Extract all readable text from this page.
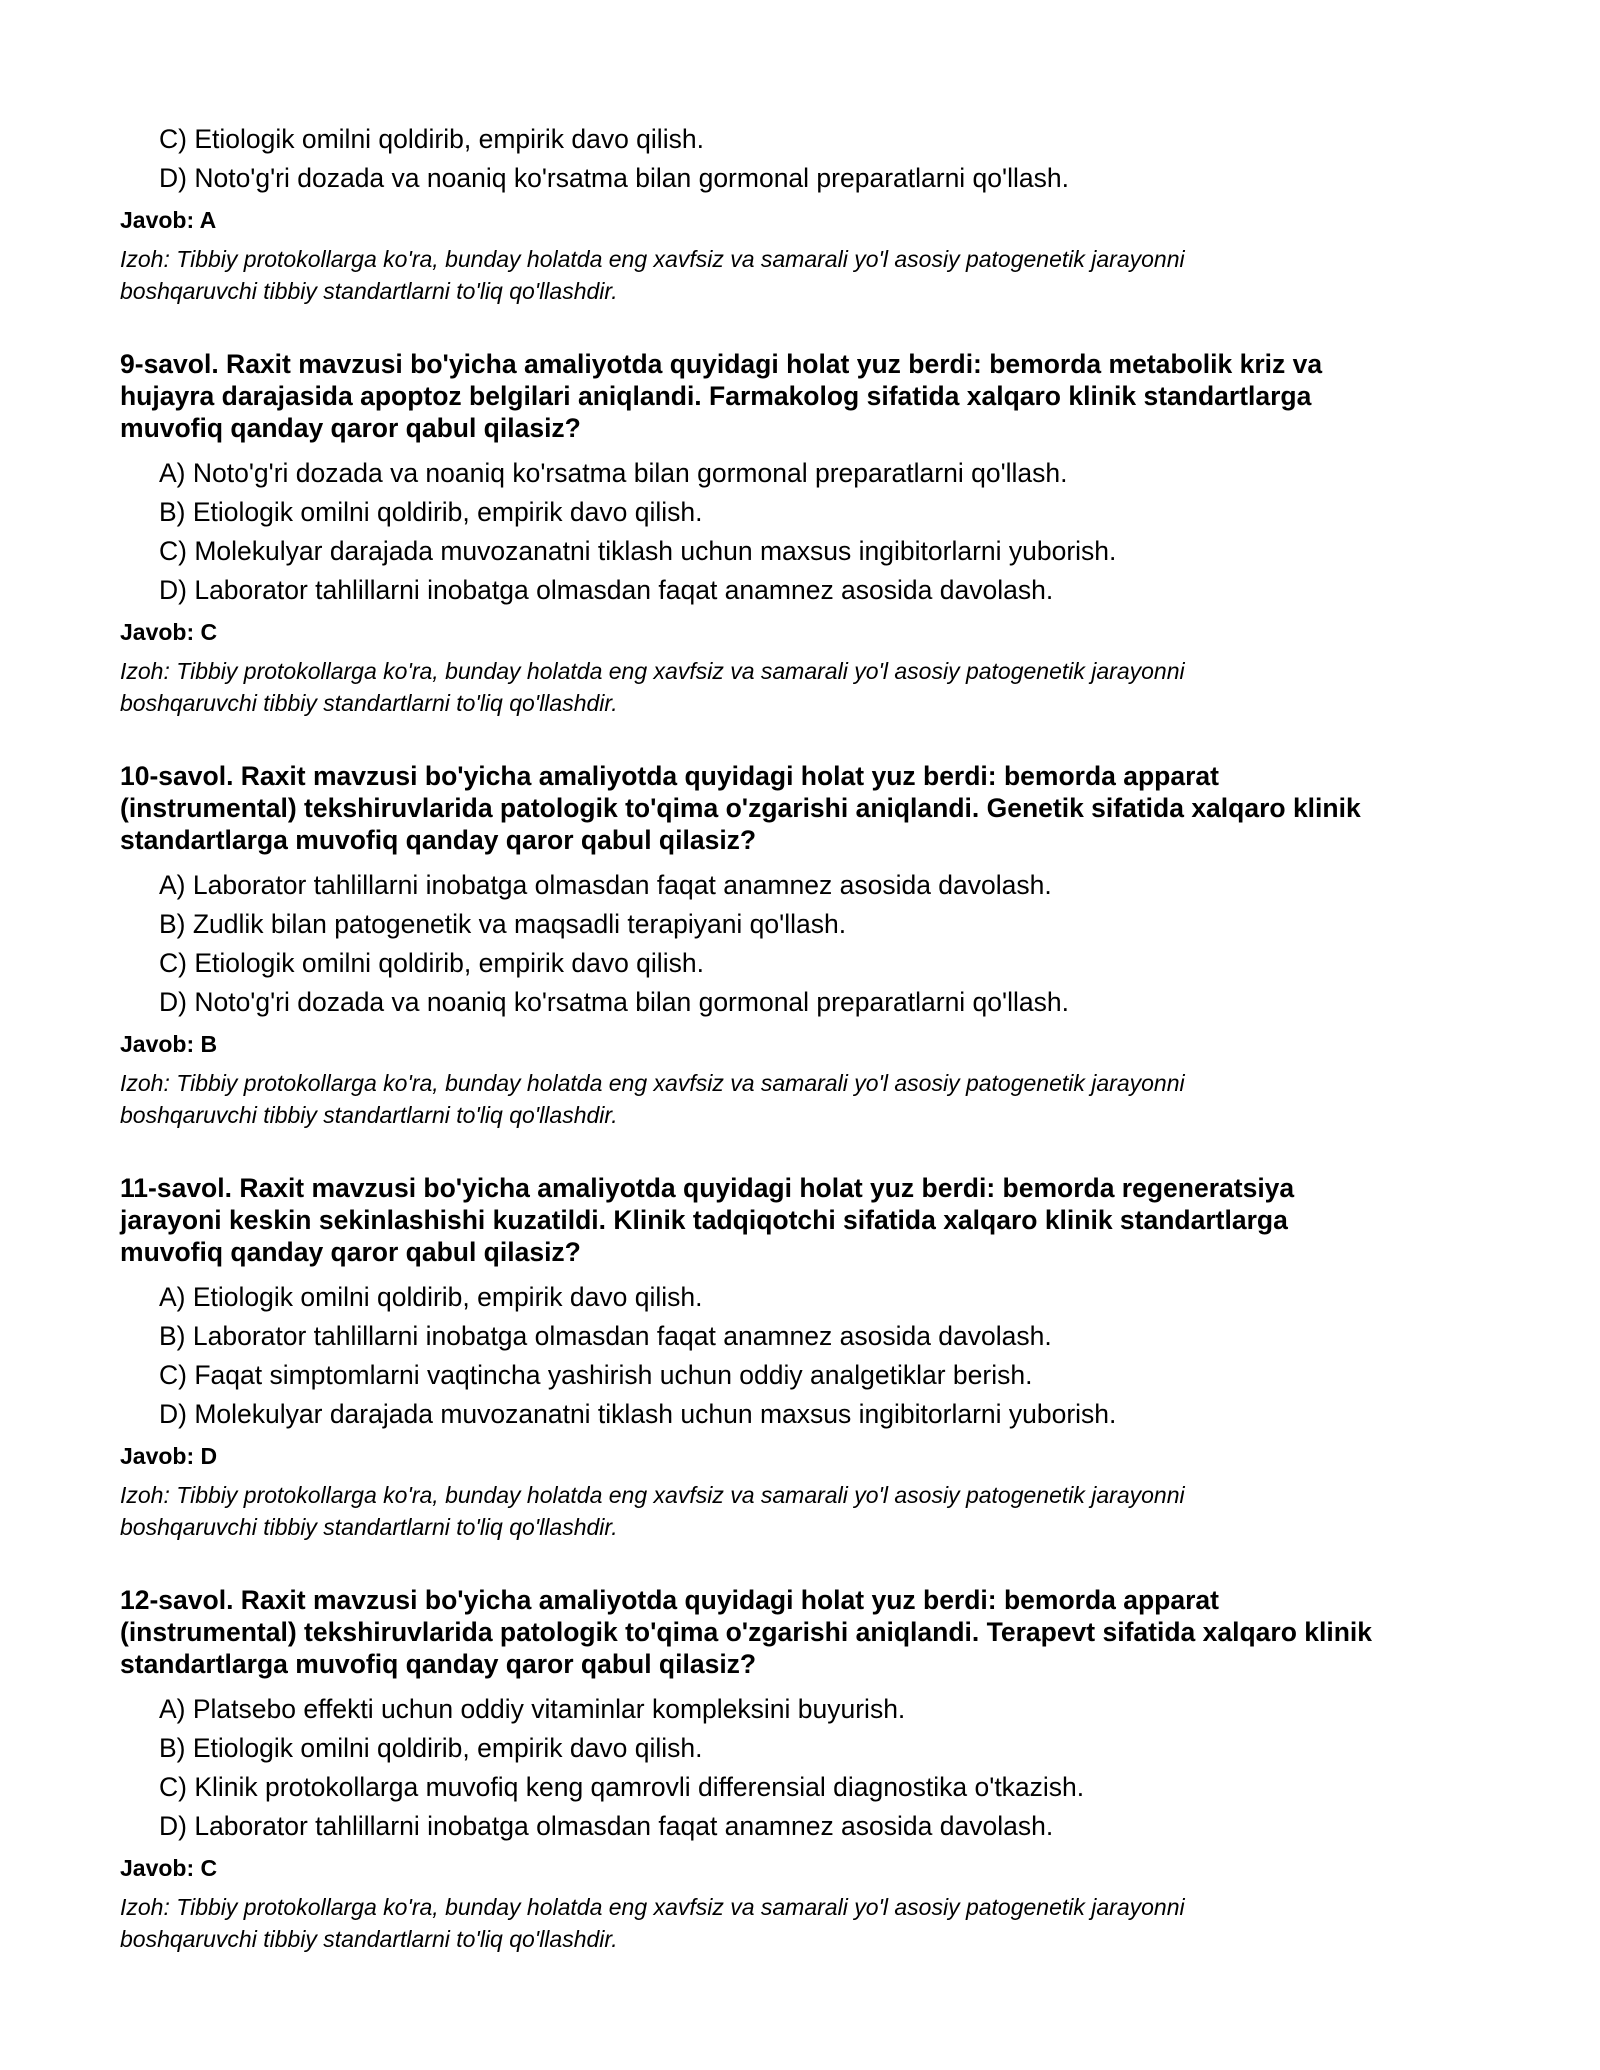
C) Etiologik omilni qoldirib, empirik davo qilish.
D) Noto'g'ri dozada va noaniq ko'rsatma bilan gormonal preparatlarni qo'llash.
Javob: A
Izoh: Tibbiy protokollarga ko'ra, bunday holatda eng xavfsiz va samarali yo'l asosiy patogenetik jarayonni
boshqaruvchi tibbiy standartlarni to'liq qo'llashdir.
9-savol. Raxit mavzusi bo'yicha amaliyotda quyidagi holat yuz berdi: bemorda metabolik kriz va
hujayra darajasida apoptoz belgilari aniqlandi. Farmakolog sifatida xalqaro klinik standartlarga
muvofiq qanday qaror qabul qilasiz?
A) Noto'g'ri dozada va noaniq ko'rsatma bilan gormonal preparatlarni qo'llash.
B) Etiologik omilni qoldirib, empirik davo qilish.
C) Molekulyar darajada muvozanatni tiklash uchun maxsus ingibitorlarni yuborish.
D) Laborator tahlillarni inobatga olmasdan faqat anamnez asosida davolash.
Javob: C
Izoh: Tibbiy protokollarga ko'ra, bunday holatda eng xavfsiz va samarali yo'l asosiy patogenetik jarayonni
boshqaruvchi tibbiy standartlarni to'liq qo'llashdir.
10-savol. Raxit mavzusi bo'yicha amaliyotda quyidagi holat yuz berdi: bemorda apparat
(instrumental) tekshiruvlarida patologik to'qima o'zgarishi aniqlandi. Genetik sifatida xalqaro klinik
standartlarga muvofiq qanday qaror qabul qilasiz?
A) Laborator tahlillarni inobatga olmasdan faqat anamnez asosida davolash.
B) Zudlik bilan patogenetik va maqsadli terapiyani qo'llash.
C) Etiologik omilni qoldirib, empirik davo qilish.
D) Noto'g'ri dozada va noaniq ko'rsatma bilan gormonal preparatlarni qo'llash.
Javob: B
Izoh: Tibbiy protokollarga ko'ra, bunday holatda eng xavfsiz va samarali yo'l asosiy patogenetik jarayonni
boshqaruvchi tibbiy standartlarni to'liq qo'llashdir.
11-savol. Raxit mavzusi bo'yicha amaliyotda quyidagi holat yuz berdi: bemorda regeneratsiya
jarayoni keskin sekinlashishi kuzatildi. Klinik tadqiqotchi sifatida xalqaro klinik standartlarga
muvofiq qanday qaror qabul qilasiz?
A) Etiologik omilni qoldirib, empirik davo qilish.
B) Laborator tahlillarni inobatga olmasdan faqat anamnez asosida davolash.
C) Faqat simptomlarni vaqtincha yashirish uchun oddiy analgetiklar berish.
D) Molekulyar darajada muvozanatni tiklash uchun maxsus ingibitorlarni yuborish.
Javob: D
Izoh: Tibbiy protokollarga ko'ra, bunday holatda eng xavfsiz va samarali yo'l asosiy patogenetik jarayonni
boshqaruvchi tibbiy standartlarni to'liq qo'llashdir.
12-savol. Raxit mavzusi bo'yicha amaliyotda quyidagi holat yuz berdi: bemorda apparat
(instrumental) tekshiruvlarida patologik to'qima o'zgarishi aniqlandi. Terapevt sifatida xalqaro klinik
standartlarga muvofiq qanday qaror qabul qilasiz?
A) Platsebo effekti uchun oddiy vitaminlar kompleksini buyurish.
B) Etiologik omilni qoldirib, empirik davo qilish.
C) Klinik protokollarga muvofiq keng qamrovli differensial diagnostika o'tkazish.
D) Laborator tahlillarni inobatga olmasdan faqat anamnez asosida davolash.
Javob: C
Izoh: Tibbiy protokollarga ko'ra, bunday holatda eng xavfsiz va samarali yo'l asosiy patogenetik jarayonni
boshqaruvchi tibbiy standartlarni to'liq qo'llashdir.
